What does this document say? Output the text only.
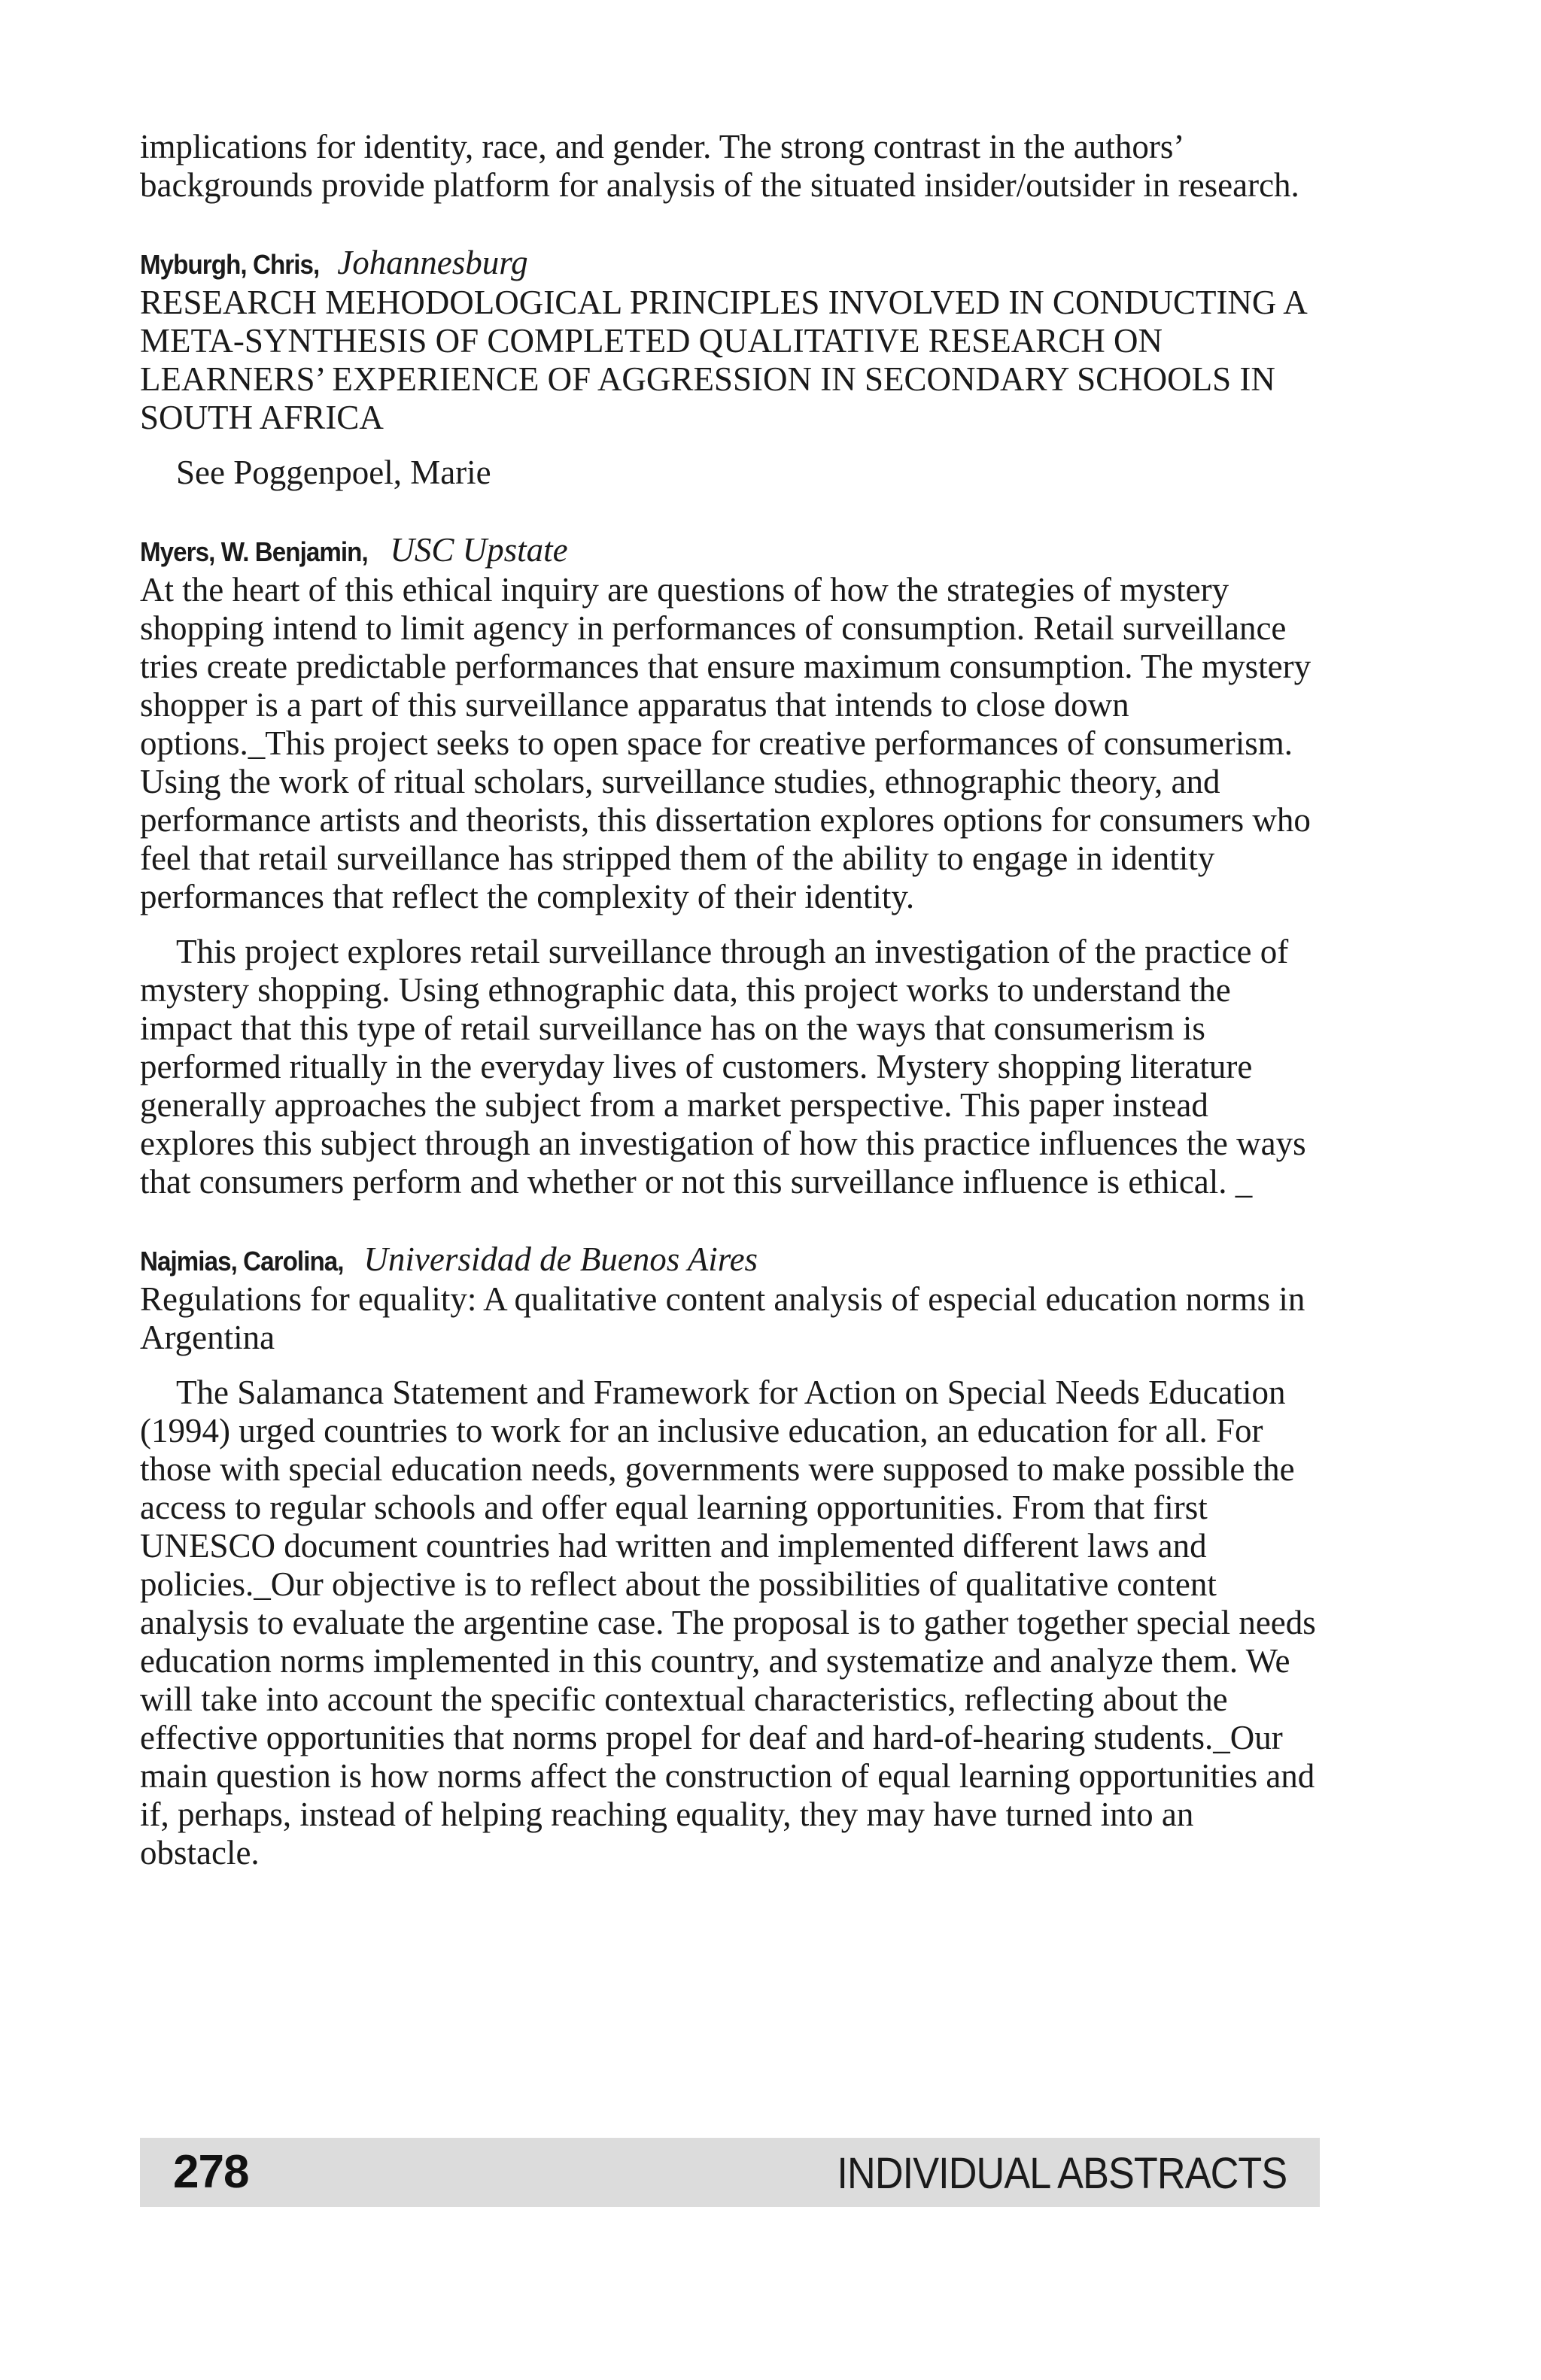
implications for identity, race, and gender. The strong contrast in the authors’ backgrounds provide platform for analysis of the situated insider/outsider in research.

Myburgh, Chris, Johannesburg

RESEARCH MEHODOLOGICAL PRINCIPLES INVOLVED IN CONDUCTING A META-SYNTHESIS OF COMPLETED QUALITATIVE RESEARCH ON LEARNERS’ EXPERIENCE OF AGGRESSION IN SECONDARY SCHOOLS IN SOUTH AFRICA

See Poggenpoel, Marie

Myers, W. Benjamin, USC Upstate

At the heart of this ethical inquiry are questions of how the strategies of mystery shopping intend to limit agency in performances of consumption. Retail surveillance tries create predictable performances that ensure maximum consumption. The mystery shopper is a part of this surveillance apparatus that intends to close down options._This project seeks to open space for creative performances of consumerism. Using the work of ritual scholars, surveillance studies, ethnographic theory, and performance artists and theorists, this dissertation explores options for consumers who feel that retail surveillance has stripped them of the ability to engage in identity performances that reflect the complexity of their identity.

This project explores retail surveillance through an investigation of the practice of mystery shopping. Using ethnographic data, this project works to understand the impact that this type of retail surveillance has on the ways that consumerism is performed ritually in the everyday lives of customers. Mystery shopping literature generally approaches the subject from a market perspective. This paper instead explores this subject through an investigation of how this practice influences the ways that consumers perform and whether or not this surveillance influence is ethical. _

Najmias, Carolina, Universidad de Buenos Aires

Regulations for equality: A qualitative content analysis of especial education norms in Argentina

The Salamanca Statement and Framework for Action on Special Needs Education (1994) urged countries to work for an inclusive education, an education for all. For those with special education needs, governments were supposed to make possible the access to regular schools and offer equal learning opportunities. From that first UNESCO document countries had written and implemented different laws and policies._Our objective is to reflect about the possibilities of qualitative content analysis to evaluate the argentine case. The proposal is to gather together special needs education norms implemented in this country, and systematize and analyze them. We will take into account the specific contextual characteristics, reflecting about the effective opportunities that norms propel for deaf and hard-of-hearing students._Our main question is how norms affect the construction of equal learning opportunities and if, perhaps, instead of helping reaching equality, they may have turned into an obstacle.

278	INDIVIDUAL ABSTRACTS
